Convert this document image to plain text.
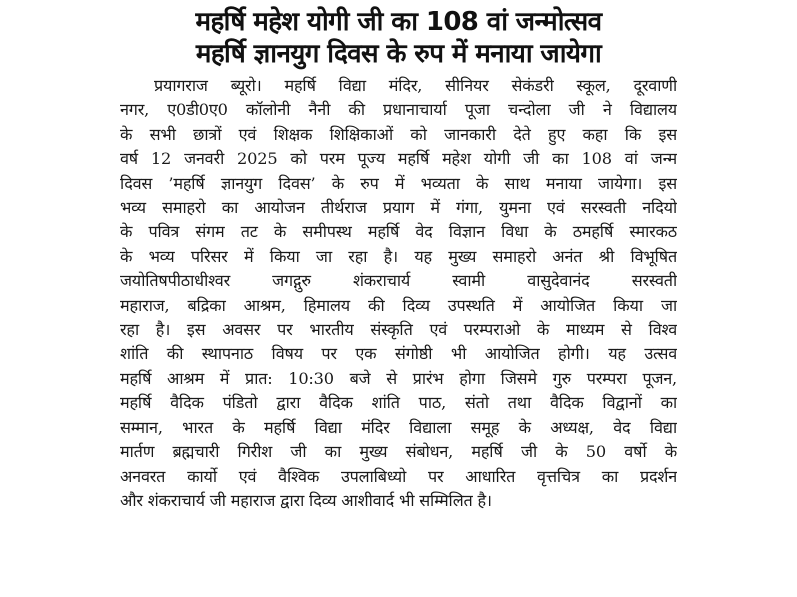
महर्षि महेश योगी जी का 108 वां जन्मोत्सव
महर्षि ज्ञानयुग दिवस के रुप में मनाया जायेगा
प्रयागराज ब्यूरो। महर्षि विद्या मंदिर, सीनियर सेकंडरी स्कूल, दूरवाणी
नगर, ए0डी0ए0 कॉलोनी नैनी की प्रधानाचार्या पूजा चन्दोला जी ने विद्यालय
के सभी छात्रों एवं शिक्षक शिक्षिकाओं को जानकारी देते हुए कहा कि इस
वर्ष 12 जनवरी 2025 को परम पूज्य महर्षि महेश योगी जी का 108 वां जन्म
दिवस ’महर्षि ज्ञानयुग दिवस’ के रुप में भव्यता के साथ मनाया जायेगा। इस
भव्य समाहरो का आयोजन तीर्थराज प्रयाग में गंगा, युमना एवं सरस्वती नदियो
के पवित्र संगम तट के समीपस्थ महर्षि वेद विज्ञान विधा के ठमहर्षि स्मारकठ
के भव्य परिसर में किया जा रहा है। यह मुख्य समाहरो अनंत श्री विभूषित
जयोतिषपीठाधीश्वर जगद्गुरु शंकराचार्य स्वामी वासुदेवानंद सरस्वती
महाराज, बद्रिका आश्रम, हिमालय की दिव्य उपस्थति में आयोजित किया जा
रहा है। इस अवसर पर भारतीय संस्कृति एवं परम्पराओ के माध्यम से विश्व
शांति की स्थापनाठ विषय पर एक संगोष्ठी भी आयोजित होगी। यह उत्सव
महर्षि आश्रम में प्रात: 10:30 बजे से प्रारंभ होगा जिसमे गुरु परम्परा पूजन,
महर्षि वैदिक पंडितो द्वारा वैदिक शांति पाठ, संतो तथा वैदिक विद्वानों का
सम्मान, भारत के महर्षि विद्या मंदिर विद्याला समूह के अध्यक्ष, वेद विद्या
मार्तण ब्रह्मचारी गिरीश जी का मुख्य संबोधन, महर्षि जी के 50 वर्षो के
अनवरत कार्यो एवं वैश्विक उपलाबिध्यो पर आधारित वृत्तचित्र का प्रदर्शन
और शंकराचार्य जी महाराज द्वारा दिव्य आशीवार्द भी सम्मिलित है।
